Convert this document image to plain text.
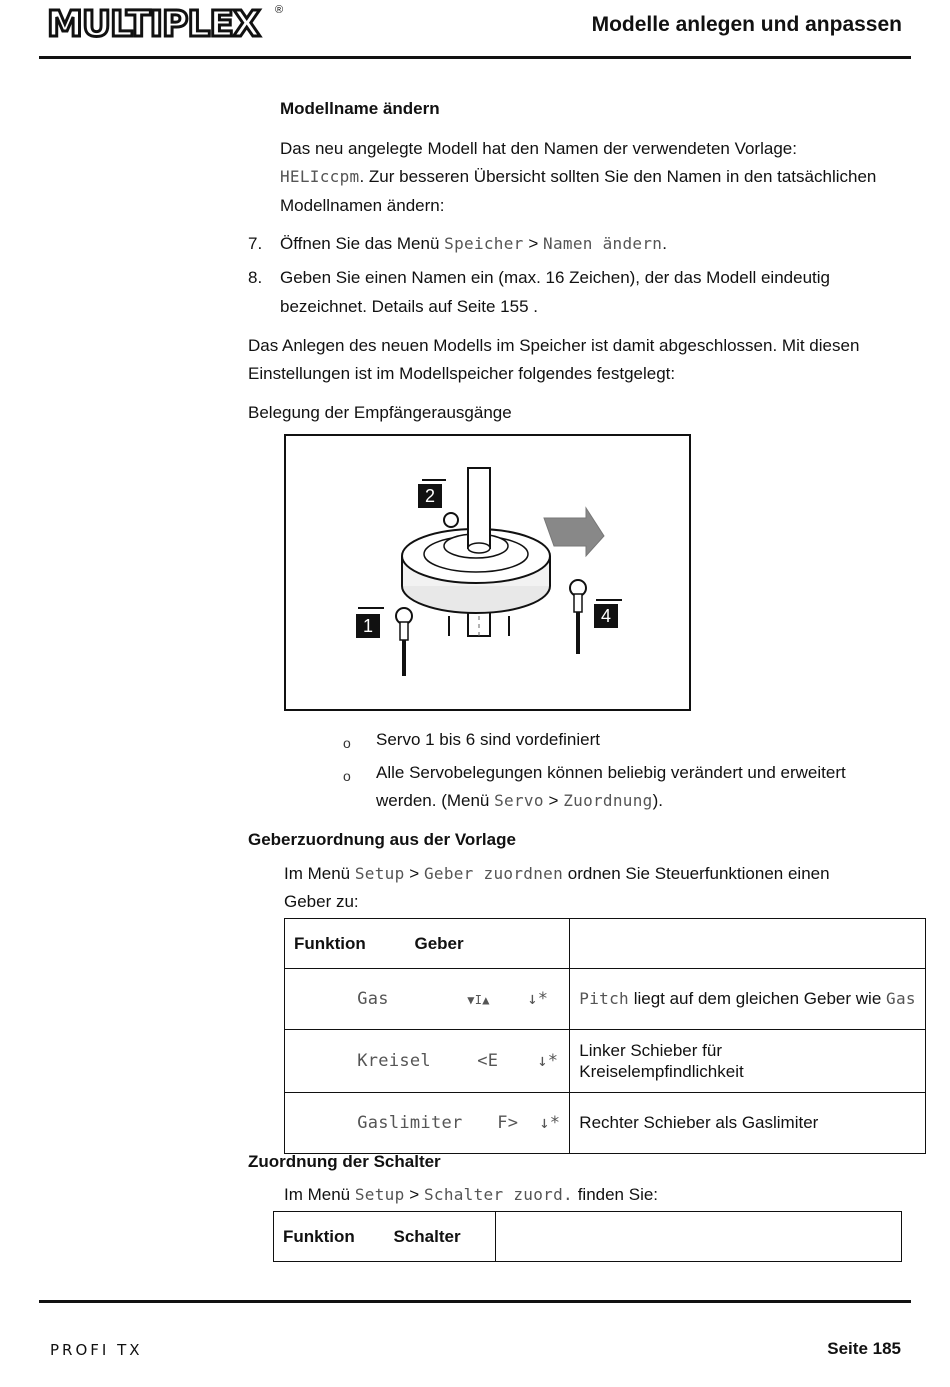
MULTIPLEX ®
Modelle anlegen und anpassen
Modellname ändern
Das neu angelegte Modell hat den Namen der verwendeten Vorlage:
HELIccpm. Zur besseren Übersicht sollten Sie den Namen in den tatsächlichen
Modellnamen ändern:
7. Öffnen Sie das Menü Speicher > Namen ändern.
8. Geben Sie einen Namen ein (max. 16 Zeichen), der das Modell eindeutig
bezeichnet. Details auf Seite 155 .
Das Anlegen des neuen Modells im Speicher ist damit abgeschlossen. Mit diesen
Einstellungen ist im Modellspeicher folgendes festgelegt:
Belegung der Empfängerausgänge
2
1	4
o Servo 1 bis 6 sind vordefiniert
o Alle Servobelegungen können beliebig verändert und erweitert
werden. (Menü Servo > Zuordnung).
Geberzuordnung aus der Vorlage
Im Menü Setup > Geber zuordnen ordnen Sie Steuerfunktionen einen
Geber zu:
Funktion Geber	

Gas ▼I▲ ↓*	Pitch liegt auf dem gleichen Geber wie Gas

Kreisel <E ↓*	Linker Schieber für
Kreiselempfindlichkeit

Gaslimiter F> ↓*	Rechter Schieber als Gaslimiter
Zuordnung der Schalter
Im Menü Setup > Schalter zuord. finden Sie:
Funktion Schalter	
PROFI TX	Seite 185
